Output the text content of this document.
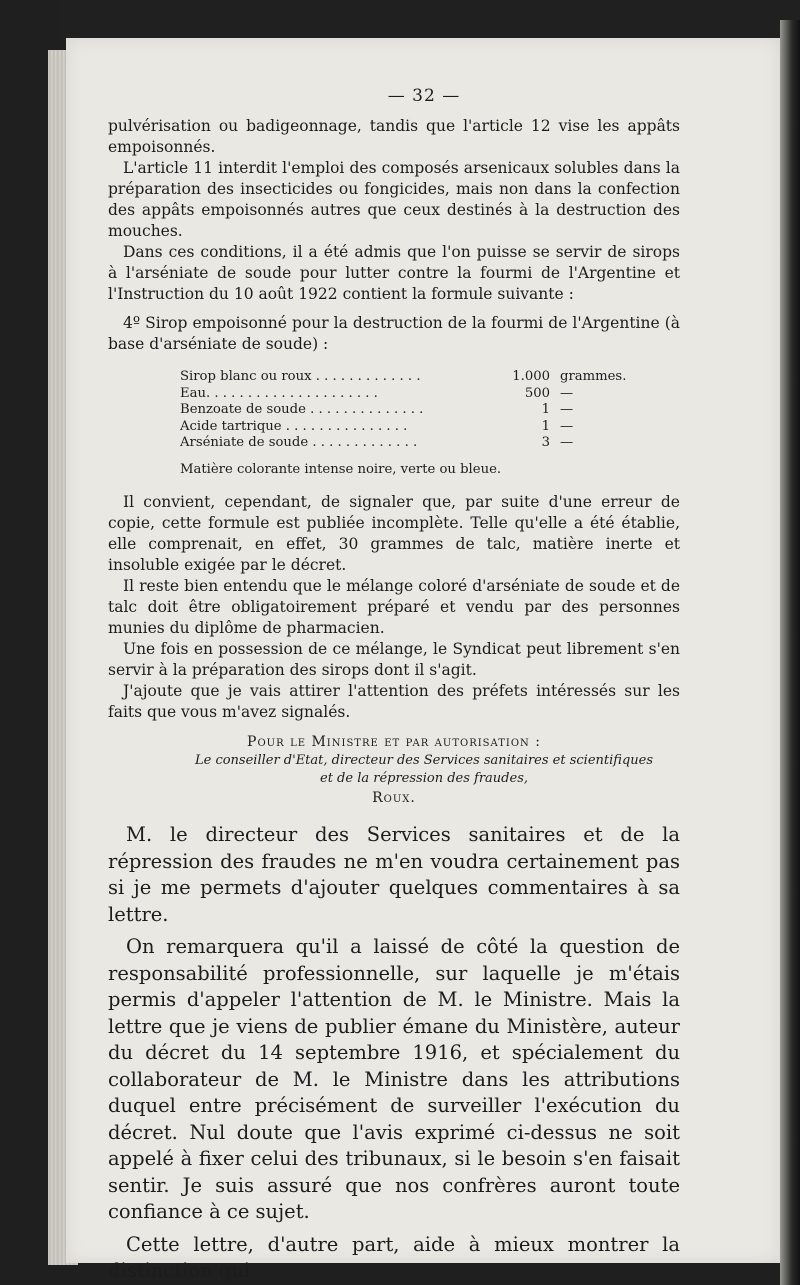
— 32 —

pulvérisation ou badigeonnage, tandis que l'article 12 vise les appâts empoisonnés.

L'article 11 interdit l'emploi des composés arsenicaux solubles dans la préparation des insecticides ou fongicides, mais non dans la confection des appâts empoisonnés autres que ceux destinés à la destruction des mouches.

Dans ces conditions, il a été admis que l'on puisse se servir de sirops à l'arséniate de soude pour lutter contre la fourmi de l'Argentine et l'Instruction du 10 août 1922 contient la formule suivante :

4º Sirop empoisonné pour la destruction de la fourmi de l'Argentine (à base d'arséniate de soude) :

Sirop blanc ou roux . . . . . . . . . . . . .	1.000	grammes.
Eau. . . . . . . . . . . . . . . . . . . . .	500	—
Benzoate de soude . . . . . . . . . . . . . .	1	—
Acide tartrique . . . . . . . . . . . . . . .	1	—
Arséniate de soude . . . . . . . . . . . . .	3	—
Matière colorante intense noire, verte ou bleue.

Il convient, cependant, de signaler que, par suite d'une erreur de copie, cette formule est publiée incomplète. Telle qu'elle a été établie, elle comprenait, en effet, 30 grammes de talc, matière inerte et insoluble exigée par le décret.

Il reste bien entendu que le mélange coloré d'arséniate de soude et de talc doit être obligatoirement préparé et vendu par des personnes munies du diplôme de pharmacien.

Une fois en possession de ce mélange, le Syndicat peut librement s'en servir à la préparation des sirops dont il s'agit.

J'ajoute que je vais attirer l'attention des préfets intéressés sur les faits que vous m'avez signalés.

Pour le Ministre et par autorisation :
Le conseiller d'Etat, directeur des Services sanitaires et scientifiques
et de la répression des fraudes,
Roux.

M. le directeur des Services sanitaires et de la répression des fraudes ne m'en voudra certainement pas si je me permets d'ajouter quelques commentaires à sa lettre.

On remarquera qu'il a laissé de côté la question de responsabilité professionnelle, sur laquelle je m'étais permis d'appeler l'attention de M. le Ministre. Mais la lettre que je viens de publier émane du Ministère, auteur du décret du 14 septembre 1916, et spécialement du collaborateur de M. le Ministre dans les attributions duquel entre précisément de surveiller l'exécution du décret. Nul doute que l'avis exprimé ci-dessus ne soit appelé à fixer celui des tribunaux, si le besoin s'en faisait sentir. Je suis assuré que nos confrères auront toute confiance à ce sujet.

Cette lettre, d'autre part, aide à mieux montrer la distinction qui
